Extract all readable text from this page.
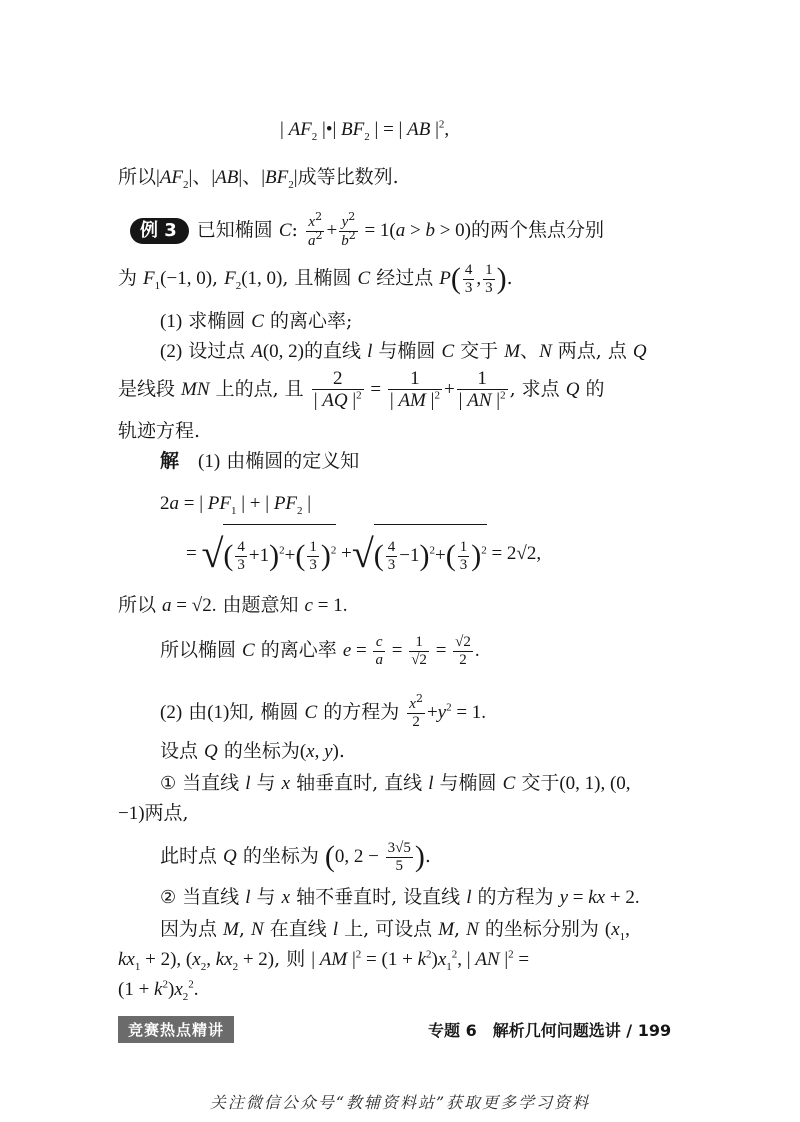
| $AF_2$ |•| $BF_2$ | = | AB $|^2$,
所以$|AF_2|$、|AB|、$|BF_2|$成等比数列.
例 3 已知椭圆 C: $\frac{x^2}{a^2} + \frac{y^2}{b^2} = 1(a > b > 0)$的两个焦点分别
为 $F_1(-1$, 0), $F_2(1$, 0), 且椭圆 C 经过点 $P( \frac{4}{3}$ , $\frac{1}{3}$ ).
(1) 求椭圆 C 的离心率;
(2) 设过点 A(0, 2)的直线 l 与椭圆 C 交于 M、N 两点, 点 Q
是线段 MN 上的点, 且 $\frac{2}{| AQ |^2} = \frac{1}{| AM |^2} + \frac{1}{| AN |^2}$ , 求点 Q 的
轨迹方程.
解　 (1) 由椭圆的定义知
2a = | $PF_1$ | + | $PF_2$ |
= √( $\frac{4}{3} +1)^2+( \frac{1}{3} )^2$ +√( $\frac{4}{3} -1)^2+( \frac{1}{3} )^2 = 2√2$,
所以 a = √2. 由题意知 c = 1.
所以椭圆 C 的离心率 $e = \frac{c}{a} = \frac{1}{√2} = \frac{√2}{2}$ .
(2) 由(1)知, 椭圆 C 的方程为 $\frac{x^2}{2} +y^2 = 1$.
设点 Q 的坐标为(x, y).
① 当直线 l 与 x 轴垂直时, 直线 l 与椭圆 C 交于(0, 1), (0,
−1)两点,
此时点 Q 的坐标为 (0, $2 - \frac{3√5}{5}$ ).
② 当直线 l 与 x 轴不垂直时, 设直线 l 的方程为 y = kx + 2.
因为点 M, N 在直线 l 上, 可设点 M, N 的坐标分别为 ($x_1$,
$kx_1 + 2$), ($x_2$, $kx_2 + 2$), 则 | AM $|^2 = (1 + k^2)x_1^2$, | AN $|^2$ =
$(1 + k^2)x_2^2$.
竞赛热点精讲	专题 6　解析几何问题选讲 / 199
关注微信公众号“教辅资料站”获取更多学习资料
